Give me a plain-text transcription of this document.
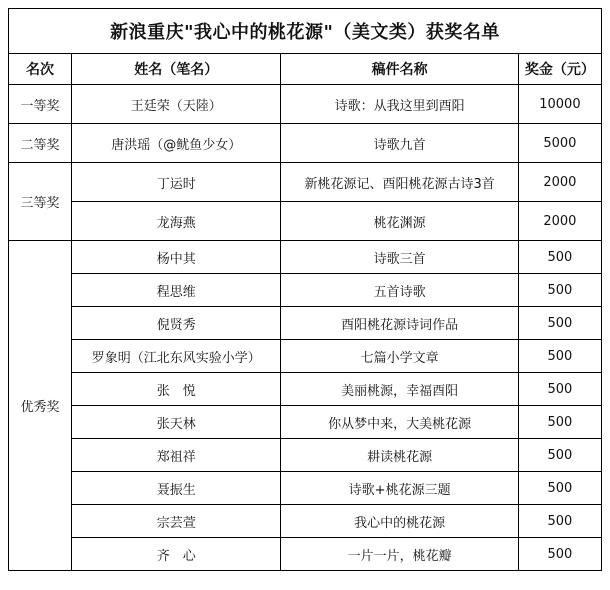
新浪重庆"我心中的桃花源"（美文类）获奖名单			
名次	姓名（笔名）	稿件名称	奖金（元）
一等奖	王廷荣（天陸）	诗歌：从我这里到酉阳	10000
二等奖	唐洪瑶（@鱿鱼少女）	诗歌九首	5000
三等奖	丁运时	新桃花源记、酉阳桃花源古诗3首	2000
	龙海燕	桃花渊源	2000
优秀奖	杨中其	诗歌三首	500
	程思维	五首诗歌	500
	倪贤秀	酉阳桃花源诗词作品	500
	罗象明（江北东风实验小学）	七篇小学文章	500
	张　悦	美丽桃源，幸福酉阳	500
	张天林	你从梦中来，大美桃花源	500
	郑祖祥	耕读桃花源	500
	聂振生	诗歌+桃花源三题	500
	宗芸萱	我心中的桃花源	500
	齐　心	一片一片，桃花瓣	500
